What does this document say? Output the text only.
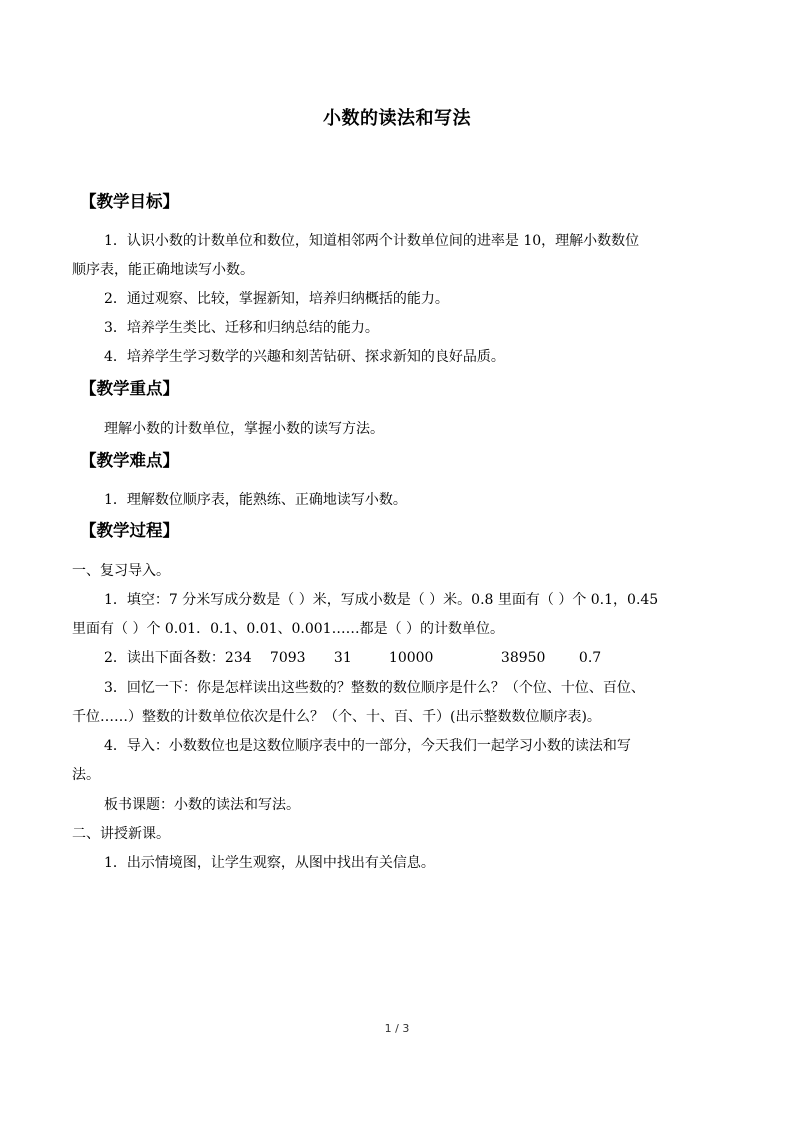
小数的读法和写法
【教学目标】
1．认识小数的计数单位和数位，知道相邻两个计数单位间的进率是 10，理解小数数位
顺序表，能正确地读写小数。
2．通过观察、比较，掌握新知，培养归纳概括的能力。
3．培养学生类比、迁移和归纳总结的能力。
4．培养学生学习数学的兴趣和刻苦钻研、探求新知的良好品质。
【教学重点】
理解小数的计数单位，掌握小数的读写方法。
【教学难点】
1．理解数位顺序表，能熟练、正确地读写小数。
【教学过程】
一、复习导入。
1．填空：7 分米写成分数是（ ）米，写成小数是（ ）米。0.8 里面有（ ）个 0.1，0.45
里面有（ ）个 0.01．0.1、0.01、0.001……都是（ ）的计数单位。
2．读出下面各数：234 7093 31	10000	38950 0.7
3．回忆一下：你是怎样读出这些数的？整数的数位顺序是什么？（个位、十位、百位、
千位……）整数的计数单位依次是什么？（个、十、百、千）(出示整数数位顺序表)。
4．导入：小数数位也是这数位顺序表中的一部分，今天我们一起学习小数的读法和写
法。
板书课题：小数的读法和写法。
二、讲授新课。
1．出示情境图，让学生观察，从图中找出有关信息。
1 / 3
